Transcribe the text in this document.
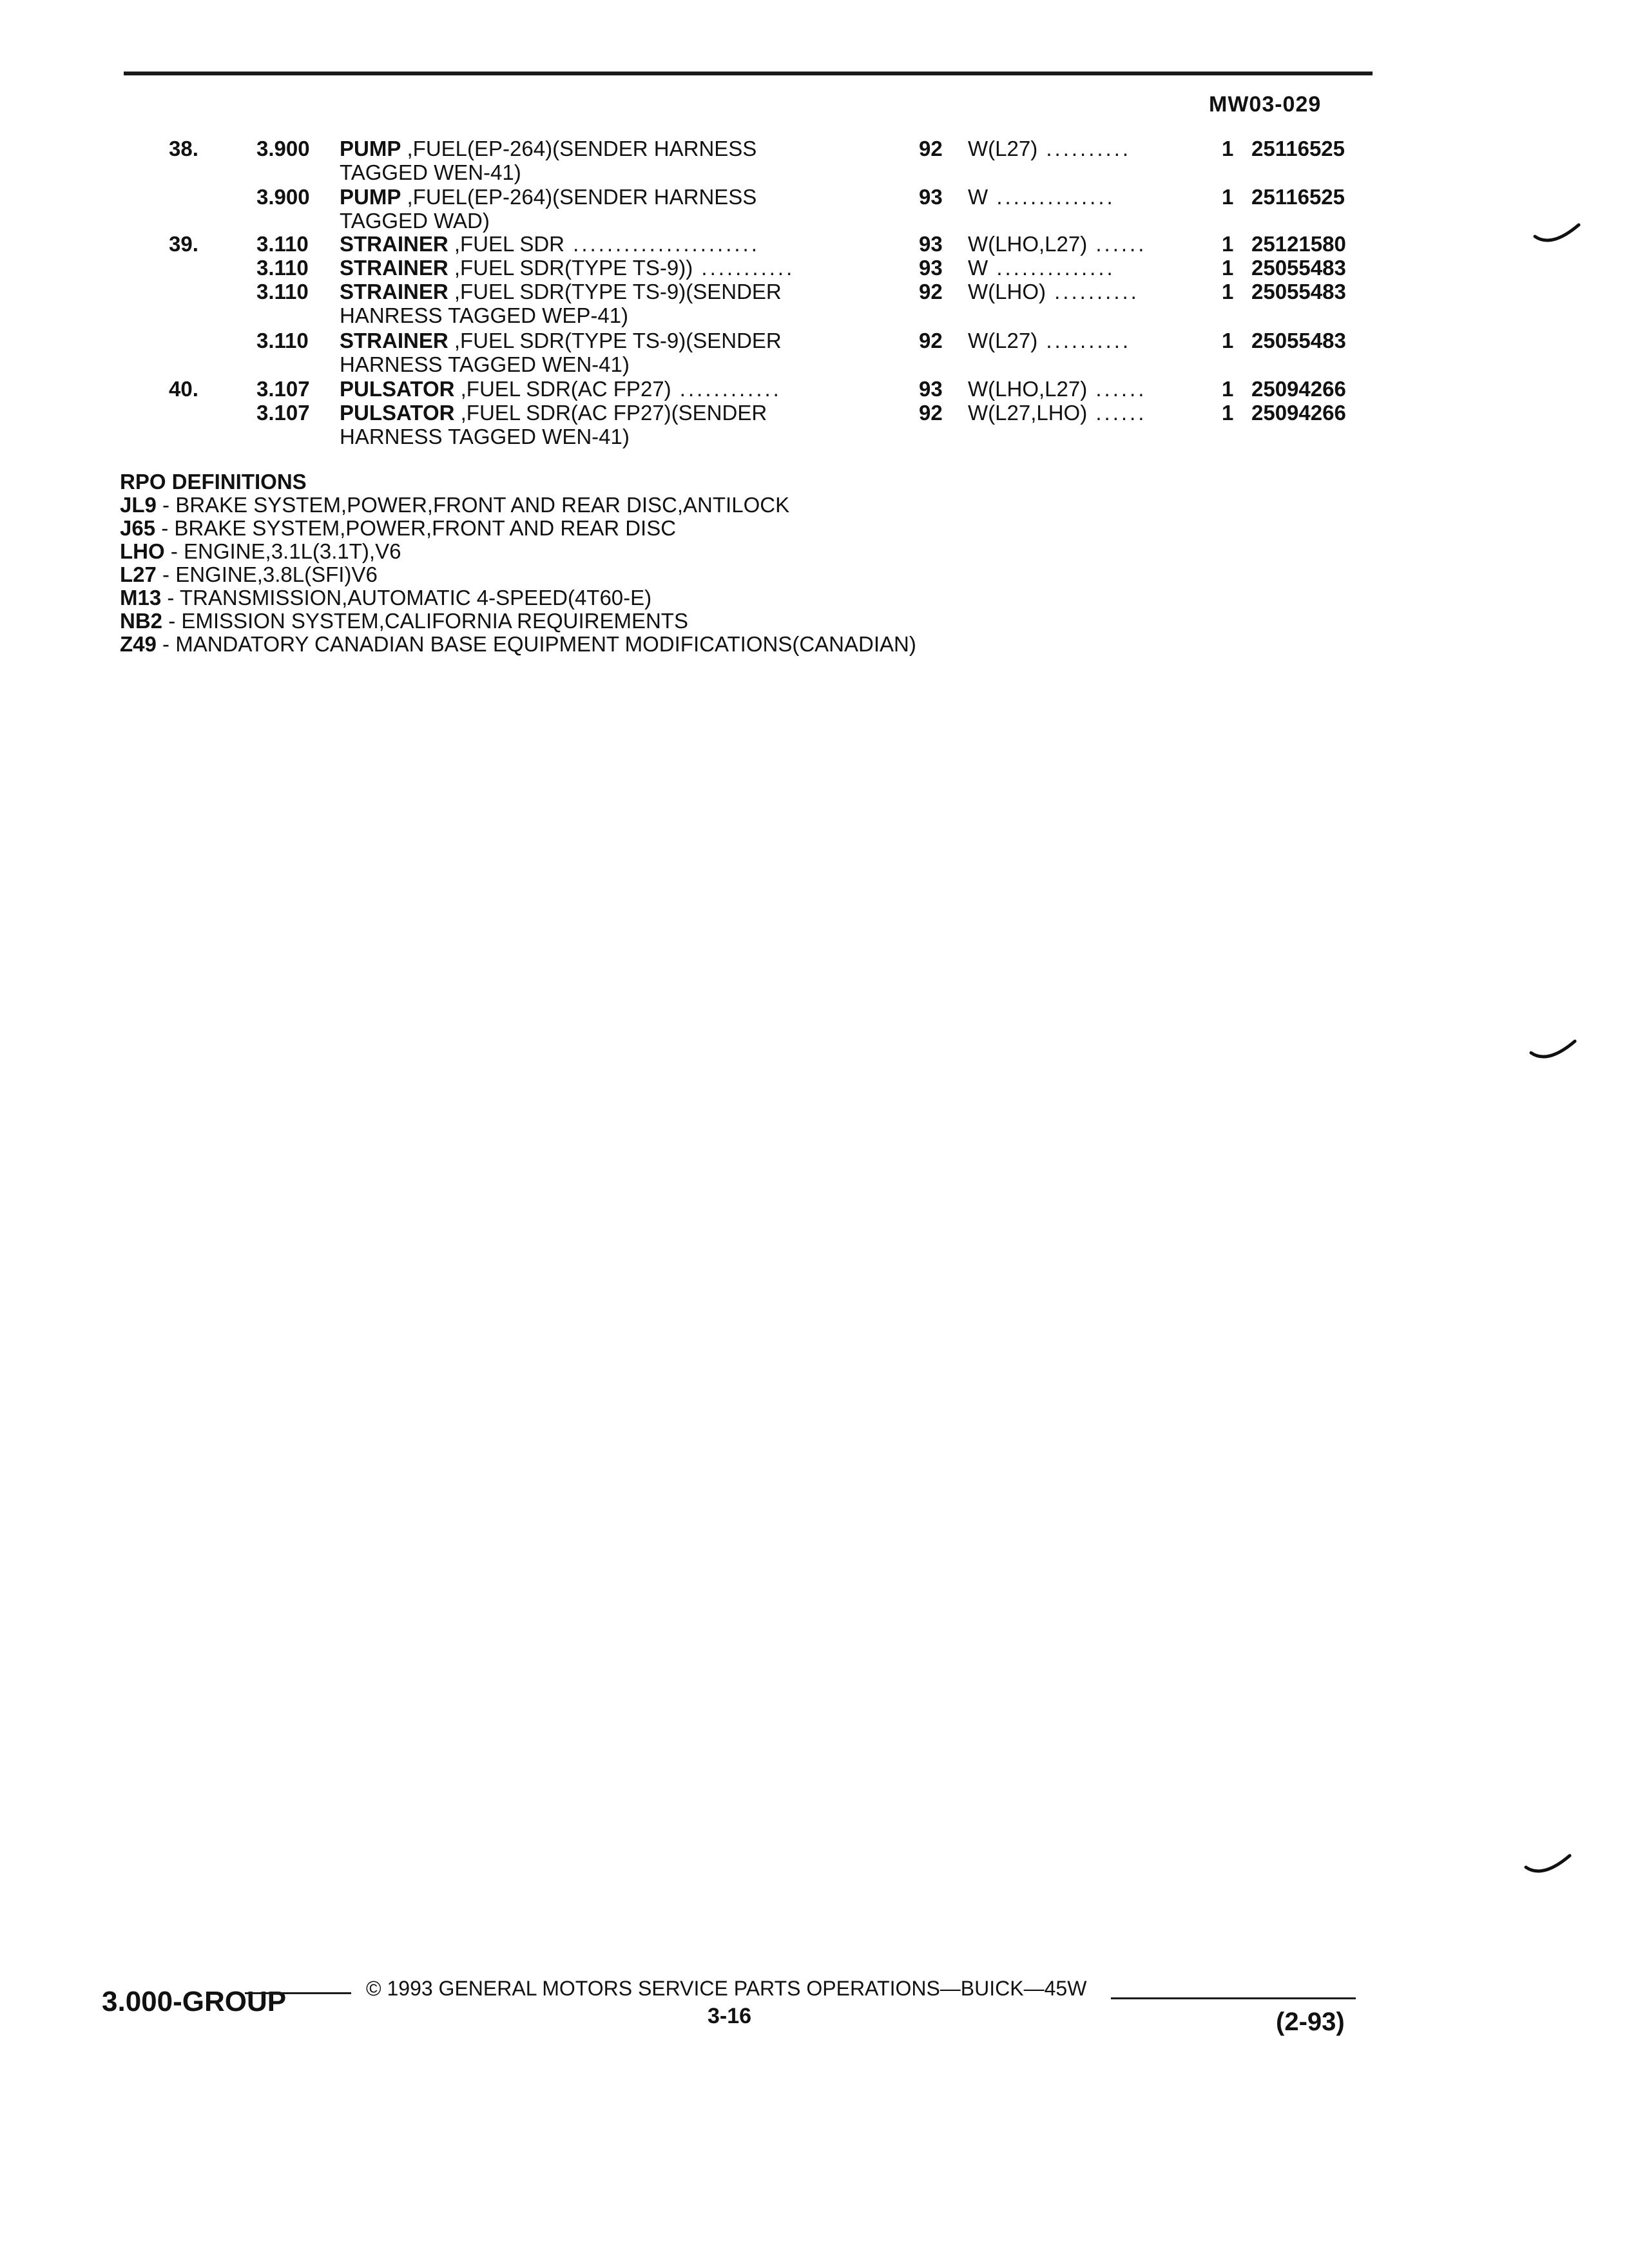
MW03-029
38.	3.900 PUMP ,FUEL(EP-264)(SENDER HARNESS
TAGGED WEN-41)
92 W(L27) ..........	1 25116525
3.900 PUMP ,FUEL(EP-264)(SENDER HARNESS
TAGGED WAD)
93 W ..............	1 25116525
39.	3.110 STRAINER ,FUEL SDR ......................	93 W(LHO,L27) ......	1 25121580
3.110 STRAINER ,FUEL SDR(TYPE TS-9)) ...........	93 W ..............	1 25055483
3.110 STRAINER ,FUEL SDR(TYPE TS-9)(SENDER
HANRESS TAGGED WEP-41)
92 W(LHO) ..........	1 25055483
3.110 STRAINER ,FUEL SDR(TYPE TS-9)(SENDER
HARNESS TAGGED WEN-41)
92 W(L27) ..........	1 25055483
40.	3.107 PULSATOR ,FUEL SDR(AC FP27) ............	93 W(LHO,L27) ......	1 25094266
3.107 PULSATOR ,FUEL SDR(AC FP27)(SENDER
HARNESS TAGGED WEN-41)
92 W(L27,LHO) ......	1 25094266
RPO DEFINITIONS
JL9 - BRAKE SYSTEM,POWER,FRONT AND REAR DISC,ANTILOCK
J65 - BRAKE SYSTEM,POWER,FRONT AND REAR DISC
LHO - ENGINE,3.1L(3.1T),V6
L27 - ENGINE,3.8L(SFI)V6
M13 - TRANSMISSION,AUTOMATIC 4-SPEED(4T60-E)
NB2 - EMISSION SYSTEM,CALIFORNIA REQUIREMENTS
Z49 - MANDATORY CANADIAN BASE EQUIPMENT MODIFICATIONS(CANADIAN)
3.000-GROUP	© 1993 GENERAL MOTORS SERVICE PARTS OPERATIONS—BUICK—45W
3-16	(2-93)
